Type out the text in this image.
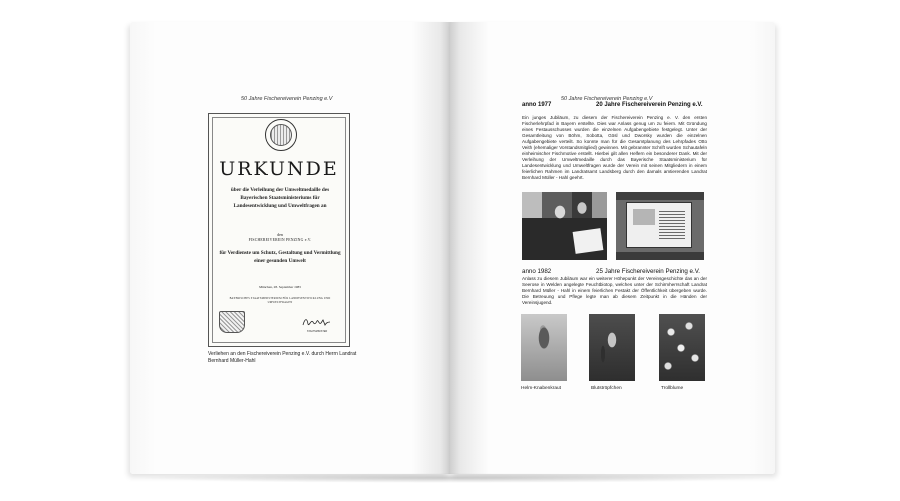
50 Jahre Fischereiverein Penzing e.V
URKUNDE
über die Verleihung der Umweltmedaille des Bayerischen Staatsministeriums für Landesentwicklung und Umweltfragen an
den
FISCHEREIVEREIN PENZING e.V.
für Verdienste um Schutz, Gestaltung und Vermittlung einer gesunden Umwelt
München, 28. September 1983
BAYERISCHES STAATSMINISTERIUM FÜR LANDESENTWICKLUNG UND UMWELTFRAGEN
STAATSMINISTER
Verliehen an den Fischereiverein Penzing e.V. durch Herrn Landrat Bernhard Müller-Hahl
50 Jahre Fischereiverein Penzing e.V
anno 1977	20 Jahre Fischereiverein Penzing e.V.
Ein junges Jubiläum, zu diesem der Fischereiverein Penzing e. V. den ersten Fischerlehrpfad in Bayern erstellte. Dies war Anlass genug um zu feiern. Mit Gründung eines Festausschusses wurden die einzelnen Aufgabengebiete festgelegt. Unter der Gesamtleitung von Böhm, Sobotta, Gösl und Dworsky wurden die einzelnen Aufgabengebiete verteilt. So konnte man für die Gesamtplanung des Lehrpfades Otto Veith (ehemaliger Vorstandsmitglied) gewinnen. Mit gebrannter Schrift wurden Schautafeln einheimischer Fischmotive erstellt. Hierbei gilt allen Helfern ein besonderer Dank. Mit der Verleihung der Umweltmedaille durch das Bayerische Staatsministerium für Landesentwicklung und Umweltfragen wurde der Verein mit seinen Mitgliedern in einem feierlichen Rahmen im Landratsamt Landsberg durch den damals amtierenden Landrat Bernhard Müller - Hahl geehrt.
anno 1982	25 Jahre Fischereiverein Penzing e.V.
Anlass zu diesem Jubiläum war ein weiterer Höhepunkt der Vereinsgeschichte das an der Seerose in Welden angelegte Feuchtbiotop, welches unter der Schirmherrschaft Landrat Bernhard Müller - Hahl in einem feierlichen Festakt der Öffentlichkeit übergeben wurde. Die Betreuung und Pflege legte man ab diesem Zeitpunkt in die Händen der Vereinsjugend.
Helm-Knabenkraut	Blutströpfchen	Trollblume
